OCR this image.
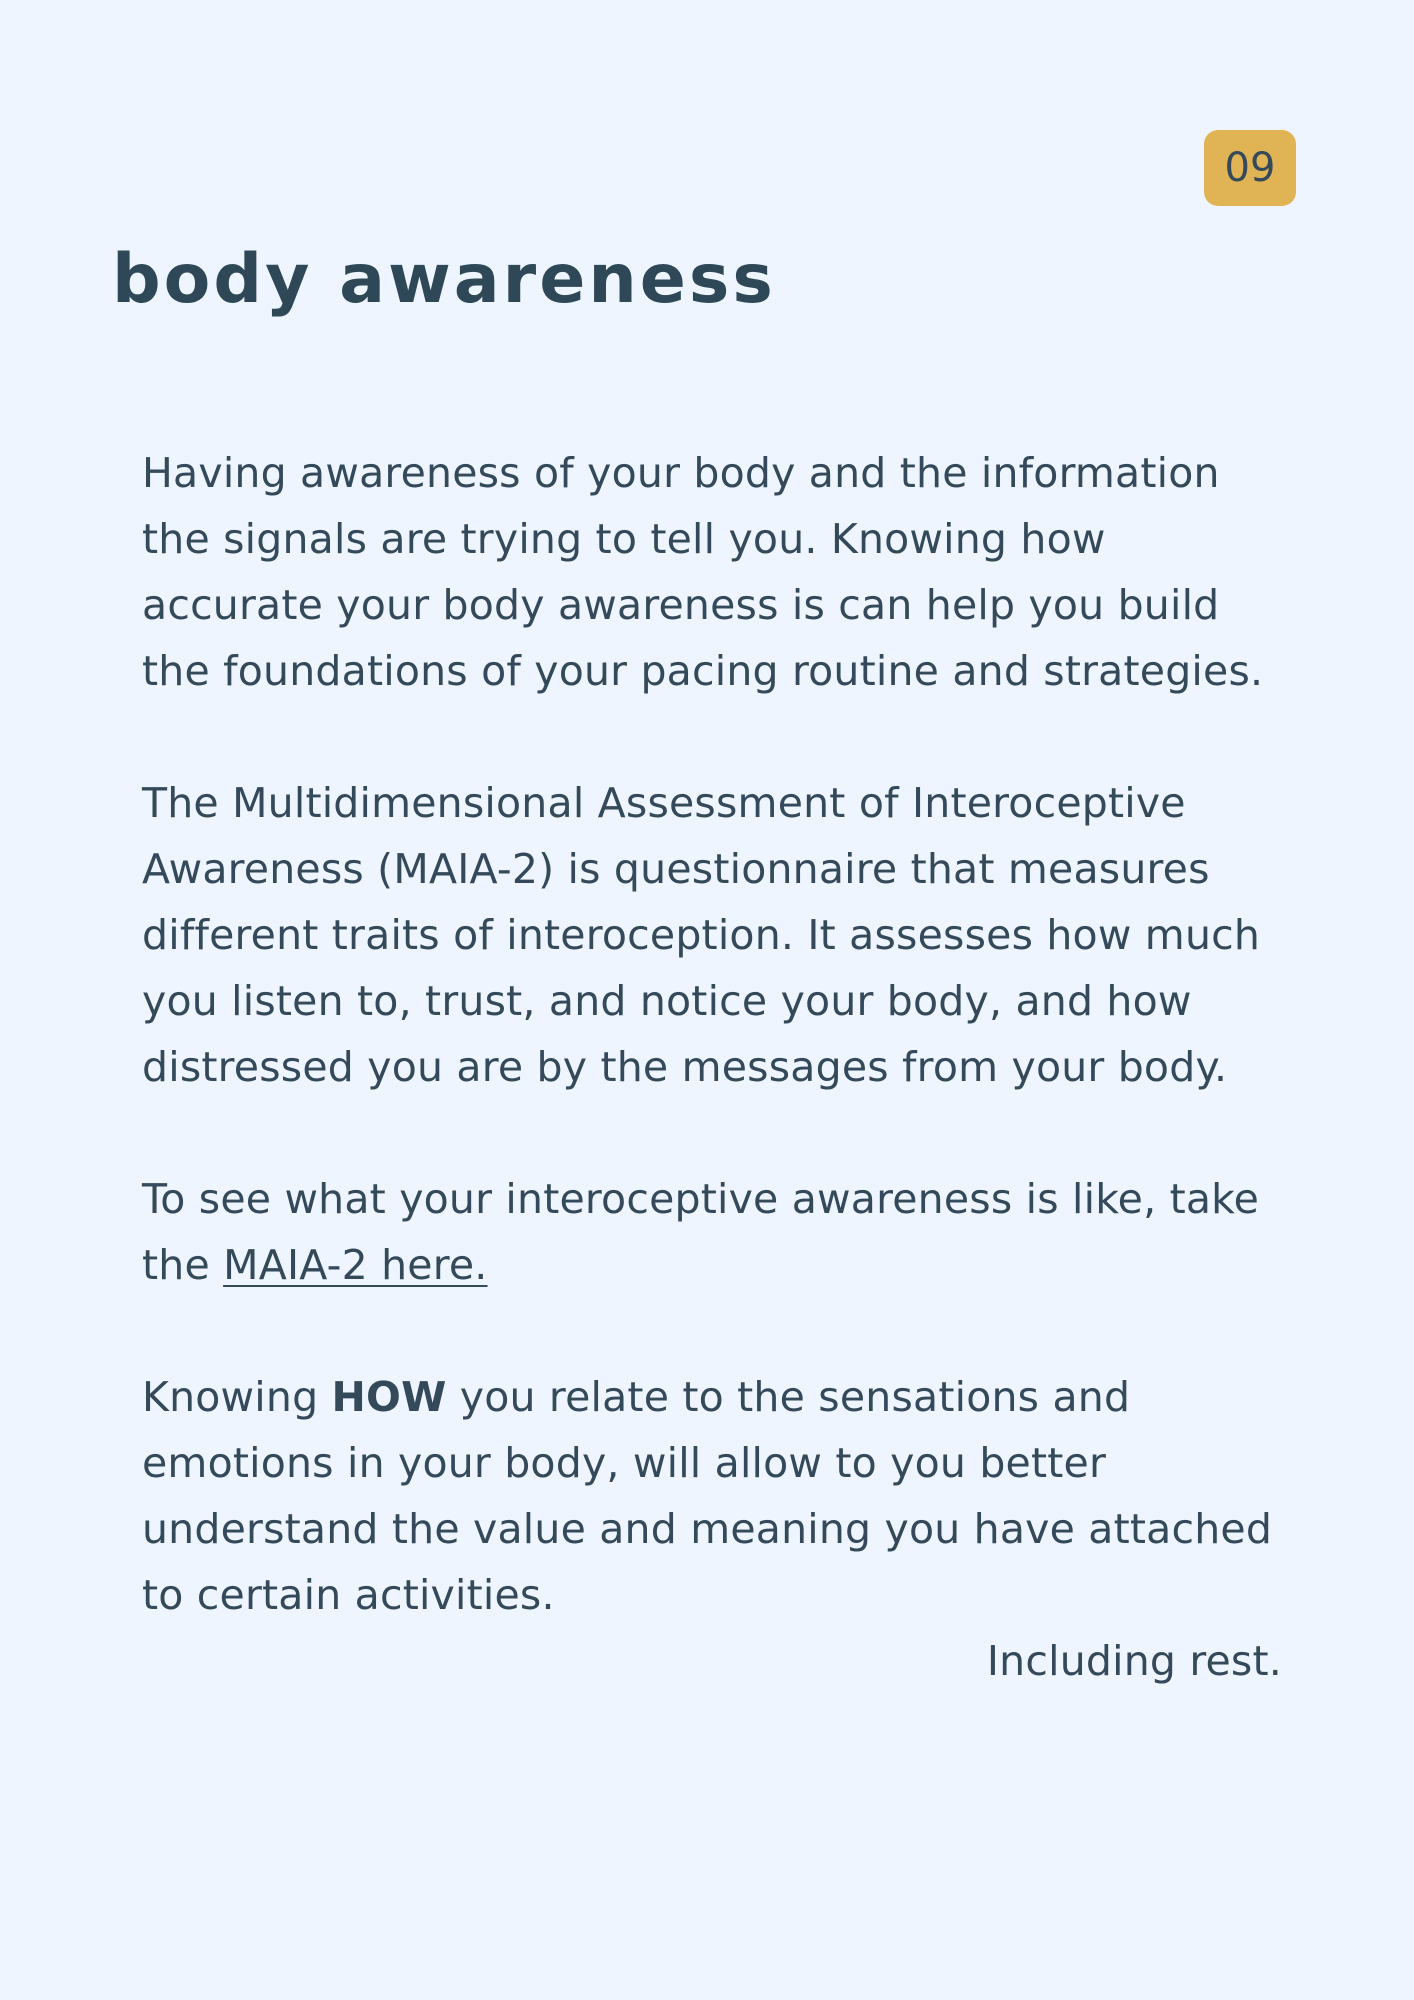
09
body awareness

Having awareness of your body and the information the signals are trying to tell you. Knowing how accurate your body awareness is can help you build the foundations of your pacing routine and strategies.

The Multidimensional Assessment of Interoceptive Awareness (MAIA-2) is questionnaire that measures different traits of interoception. It assesses how much you listen to, trust, and notice your body, and how distressed you are by the messages from your body.

To see what your interoceptive awareness is like, take the MAIA-2 here.

Knowing HOW you relate to the sensations and emotions in your body, will allow to you better understand the value and meaning you have attached to certain activities.

Including rest.
